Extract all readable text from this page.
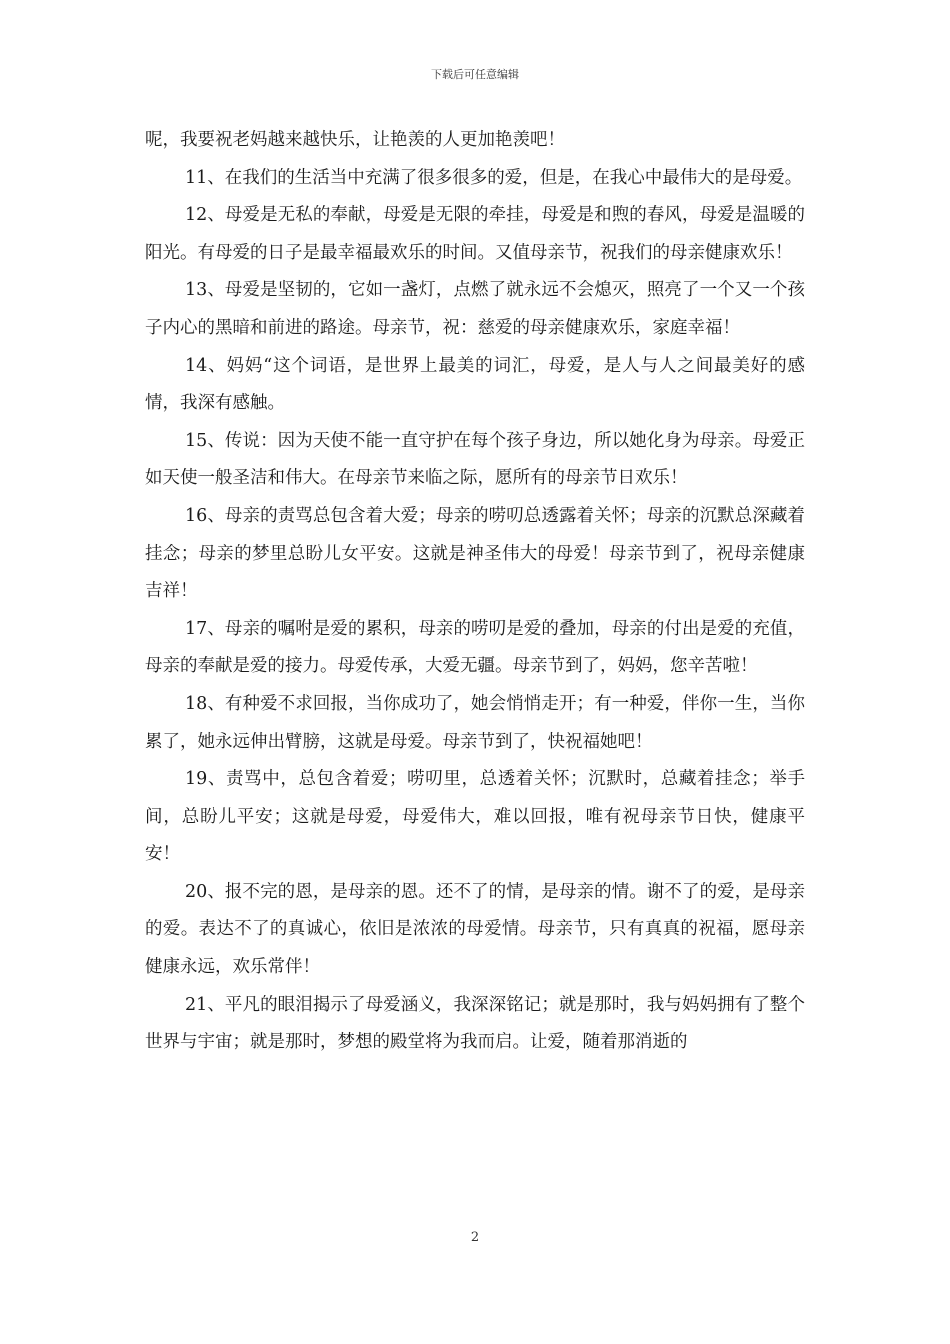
下载后可任意编辑

呢，我要祝老妈越来越快乐，让艳羡的人更加艳羡吧！

11、在我们的生活当中充满了很多很多的爱，但是，在我心中最伟大的是母爱。

12、母爱是无私的奉献，母爱是无限的牵挂，母爱是和煦的春风，母爱是温暖的阳光。有母爱的日子是最幸福最欢乐的时间。又值母亲节，祝我们的母亲健康欢乐！

13、母爱是坚韧的，它如一盏灯，点燃了就永远不会熄灭，照亮了一个又一个孩子内心的黑暗和前进的路途。母亲节，祝：慈爱的母亲健康欢乐，家庭幸福！

14、妈妈“这个词语，是世界上最美的词汇，母爱，是人与人之间最美好的感情，我深有感触。

15、传说：因为天使不能一直守护在每个孩子身边，所以她化身为母亲。母爱正如天使一般圣洁和伟大。在母亲节来临之际，愿所有的母亲节日欢乐！

16、母亲的责骂总包含着大爱；母亲的唠叨总透露着关怀；母亲的沉默总深藏着挂念；母亲的梦里总盼儿女平安。这就是神圣伟大的母爱！母亲节到了，祝母亲健康吉祥！

17、母亲的嘱咐是爱的累积，母亲的唠叨是爱的叠加，母亲的付出是爱的充值，母亲的奉献是爱的接力。母爱传承，大爱无疆。母亲节到了，妈妈，您辛苦啦！

18、有种爱不求回报，当你成功了，她会悄悄走开；有一种爱，伴你一生，当你累了，她永远伸出臂膀，这就是母爱。母亲节到了，快祝福她吧！

19、责骂中，总包含着爱；唠叨里，总透着关怀；沉默时，总藏着挂念；举手间，总盼儿平安；这就是母爱，母爱伟大，难以回报，唯有祝母亲节日快，健康平安！

20、报不完的恩，是母亲的恩。还不了的情，是母亲的情。谢不了的爱，是母亲的爱。表达不了的真诚心，依旧是浓浓的母爱情。母亲节，只有真真的祝福，愿母亲健康永远，欢乐常伴！

21、平凡的眼泪揭示了母爱涵义，我深深铭记；就是那时，我与妈妈拥有了整个世界与宇宙；就是那时，梦想的殿堂将为我而启。让爱，随着那消逝的

2
